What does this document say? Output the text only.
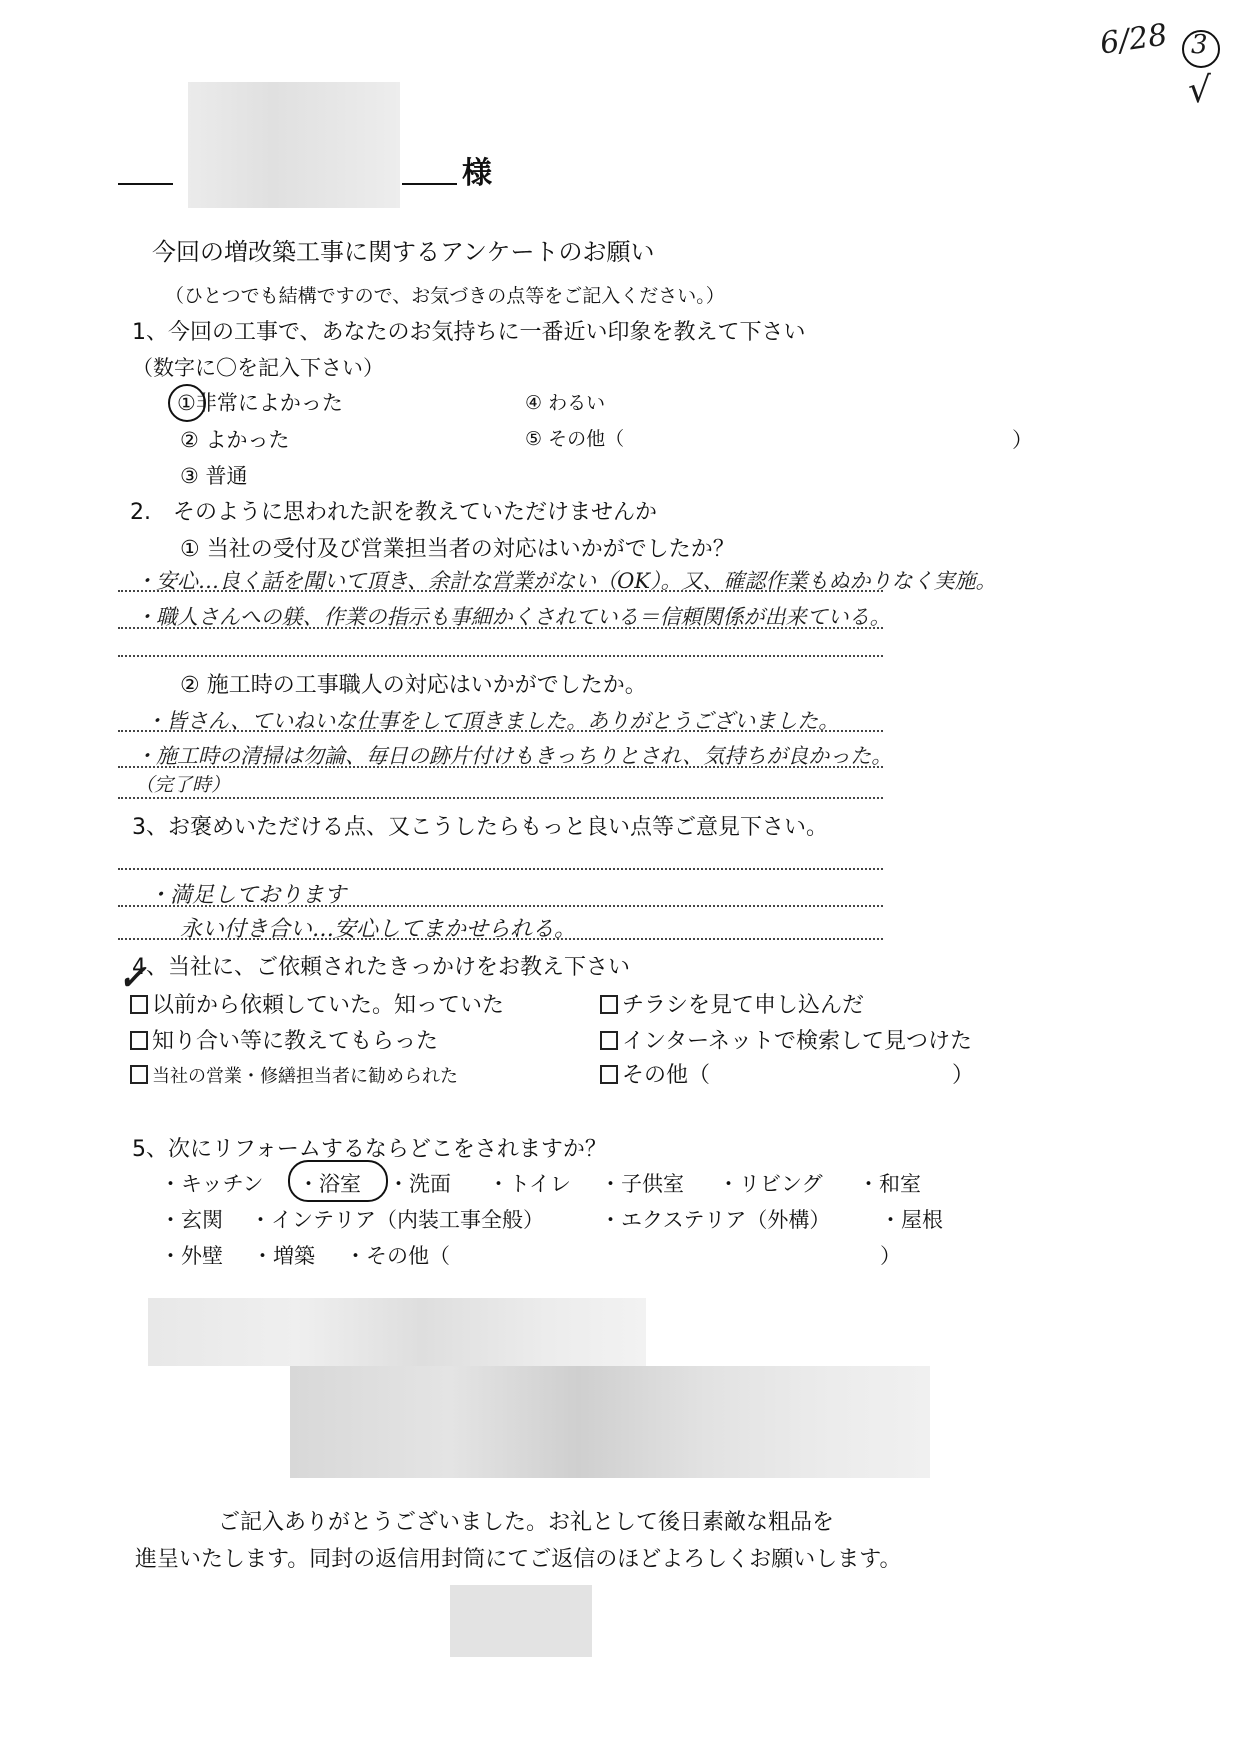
6/28 3
√
様
今回の増改築工事に関するアンケートのお願い
（ひとつでも結構ですので、お気づきの点等をご記入ください。）
1、今回の工事で、あなたのお気持ちに一番近い印象を教えて下さい
（数字に〇を記入下さい）
①非常によかった
② よかった
③ 普通
④ わるい
⑤ その他（	）
2.　そのように思われた訳を教えていただけませんか
① 当社の受付及び営業担当者の対応はいかがでしたか？
・安心…良く話を聞いて頂き、余計な営業がない（OK）。又、確認作業もぬかりなく実施。
・職人さんへの躾、作業の指示も事細かくされている＝信頼関係が出来ている。
② 施工時の工事職人の対応はいかがでしたか。
・皆さん、ていねいな仕事をして頂きました。ありがとうございました。
・施工時の清掃は勿論、毎日の跡片付けもきっちりとされ、気持ちが良かった。
（完了時）
3、お褒めいただける点、又こうしたらもっと良い点等ご意見下さい。
・満足しております
永い付き合い…安心してまかせられる。
4、当社に、ご依頼されたきっかけをお教え下さい
✓
以前から依頼していた。知っていた	チラシを見て申し込んだ
知り合い等に教えてもらった	インターネットで検索して見つけた
当社の営業・修繕担当者に勧められた	その他（	）
5、次にリフォームするならどこをされますか？
・キッチン ・浴室 ・洗面 ・トイレ ・子供室 ・リビング ・和室
・玄関 ・インテリア（内装工事全般）	・エクステリア（外構） ・屋根
・外壁 ・増築 ・その他（	）
ご記入ありがとうございました。お礼として後日素敵な粗品を
進呈いたします。同封の返信用封筒にてご返信のほどよろしくお願いします。
